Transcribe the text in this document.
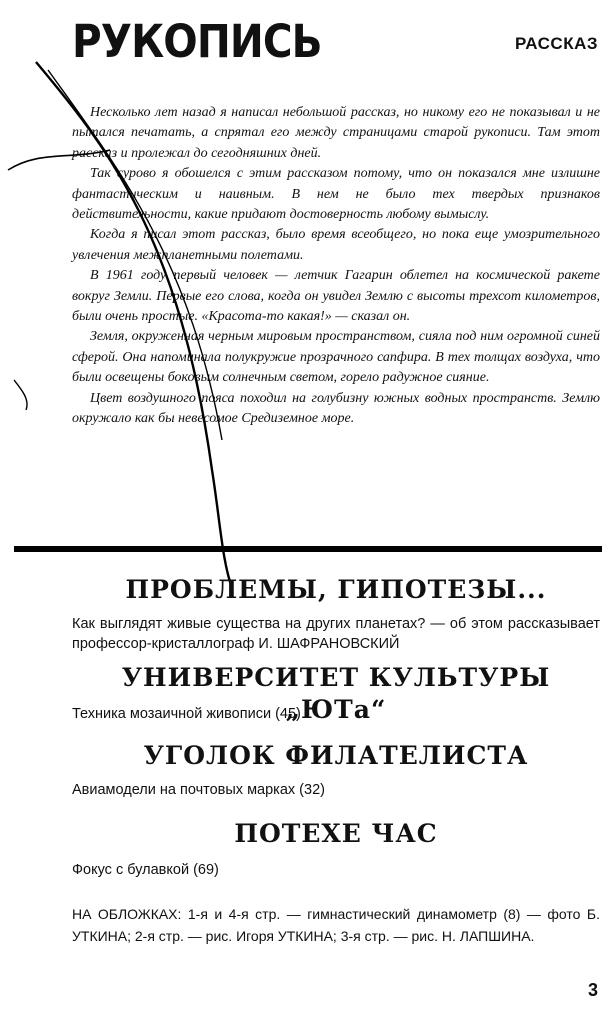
РУКОПИСЬ	РАССКАЗ

Несколько лет назад я написал небольшой рассказ, но никому его не показывал и не пытался печатать, а спрятал его между страницами старой рукописи. Там этот рассказ и пролежал до сегодняшних дней.

Так сурово я обошелся с этим рассказом потому, что он показался мне излишне фантастическим и наивным. В нем не было тех твердых признаков действительности, какие придают достоверность любому вымыслу.

Когда я писал этот рассказ, было время всеобщего, но пока еще умозрительного увлечения межпланетными полетами.

В 1961 году первый человек — летчик Гагарин облетел на космической ракете вокруг Земли. Первые его слова, когда он увидел Землю с высоты трехсот километров, были очень простые. «Красота-то какая!» — сказал он.

Земля, окруженная черным мировым пространством, сияла под ним огромной синей сферой. Она напоминала полукружие прозрачного сапфира. В тех толщах воздуха, что были освещены боковым солнечным светом, горело радужное сияние.

Цвет воздушного пояса походил на голубизну южных водных пространств. Землю окружало как бы невесомое Средиземное море.

ПРОБЛЕМЫ, ГИПОТЕЗЫ...
Как выглядят живые существа на других планетах? — об этом рассказывает профессор-кристаллограф И. ШАФРАНОВСКИЙ
УНИВЕРСИТЕТ КУЛЬТУРЫ „ЮТа“
Техника мозаичной живописи (45)
УГОЛОК ФИЛАТЕЛИСТА
Авиамодели на почтовых марках (32)
ПОТЕХЕ ЧАС
Фокус с булавкой (69)
НА ОБЛОЖКАХ: 1-я и 4-я стр. — гимнастический динамометр (8) — фото Б. УТКИНА; 2-я стр. — рис. Игоря УТКИНА; 3-я стр. — рис. Н. ЛАПШИНА.
3
